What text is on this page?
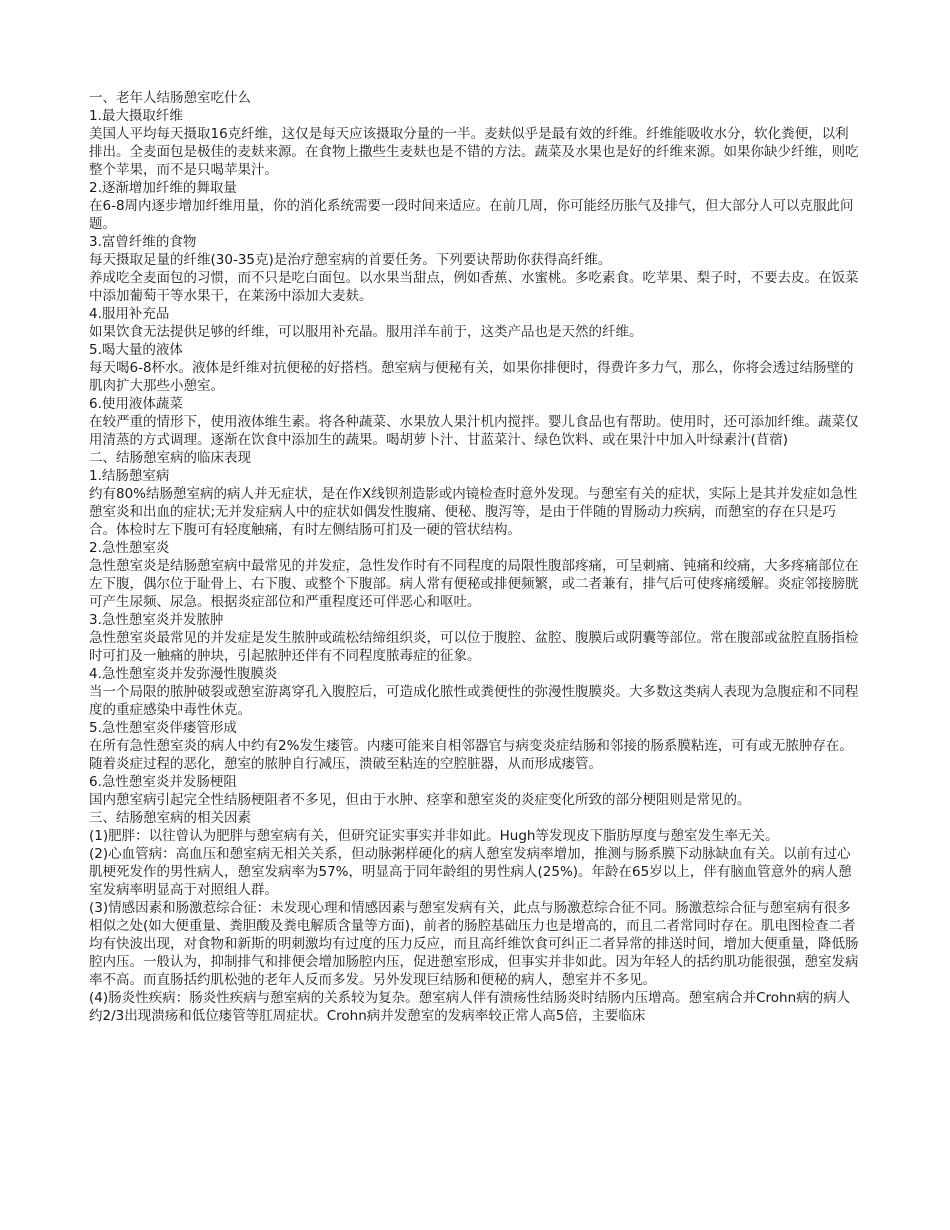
一、老年人结肠憩室吃什么

1.最大摄取纤维

美国人平均每天摄取16克纤维，这仅是每天应该摄取分量的一半。麦麸似乎是最有效的纤维。纤维能吸收水分，软化粪便，以利排出。全麦面包是极佳的麦麸来源。在食物上撒些生麦麸也是不错的方法。蔬菜及水果也是好的纤维来源。如果你缺少纤维，则吃整个苹果，而不是只喝苹果汁。

2.逐渐增加纤维的舞取量

在6-8周内逐步增加纤维用量，你的消化系统需要一段时间来适应。在前几周，你可能经历胀气及排气，但大部分人可以克服此问题。

3.富曾纤维的食物

每天摄取足量的纤维(30-35克)是治疗憩室病的首要任务。下列要诀帮助你获得高纤维。

养成吃全麦面包的习惯，而不只是吃白面包。以水果当甜点，例如香蕉、水蜜桃。多吃素食。吃苹果、梨子时，不要去皮。在饭菜中添加葡萄干等水果干，在莱汤中添加大麦麸。

4.服用补充品

如果饮食无法提供足够的纤维，可以服用补充晶。服用洋车前于，这类产品也是天然的纤维。

5.喝大量的液体

每天喝6-8杯水。液体是纤维对抗便秘的好搭档。憩室病与便秘有关，如果你排便时，得费许多力气，那么，你将会透过结肠壁的肌肉扩大那些小憩室。

6.使用液体蔬菜

在较严重的情形下，使用液体维生素。将各种蔬菜、水果放人果汁机内搅拌。婴儿食品也有帮助。使用时，还可添加纤维。蔬菜仅用清蒸的方式调理。逐渐在饮食中添加生的蔬果。喝胡萝卜汁、甘蓝菜汁、绿色饮料、或在果汁中加入叶绿素汁(苜蓿)

二、结肠憩室病的临床表现

1.结肠憩室病

约有80%结肠憩室病的病人并无症状，是在作X线钡剂造影或内镜检查时意外发现。与憩室有关的症状，实际上是其并发症如急性憩室炎和出血的症状;无并发症病人中的症状如偶发性腹痛、便秘、腹泻等，是由于伴随的胃肠动力疾病，而憩室的存在只是巧合。体检时左下腹可有轻度触痛，有时左侧结肠可扪及一硬的管状结构。

2.急性憩室炎

急性憩室炎是结肠憩室病中最常见的并发症，急性发作时有不同程度的局限性腹部疼痛，可呈刺痛、钝痛和绞痛，大多疼痛部位在左下腹，偶尔位于耻骨上、右下腹、或整个下腹部。病人常有便秘或排便频繁，或二者兼有，排气后可使疼痛缓解。炎症邻接膀胱可产生尿频、尿急。根据炎症部位和严重程度还可伴恶心和呕吐。

3.急性憩室炎并发脓肿

急性憩室炎最常见的并发症是发生脓肿或疏松结缔组织炎，可以位于腹腔、盆腔、腹膜后或阴囊等部位。常在腹部或盆腔直肠指检时可扪及一触痛的肿块，引起脓肿还伴有不同程度脓毒症的征象。

4.急性憩室炎并发弥漫性腹膜炎

当一个局限的脓肿破裂或憩室游离穿孔入腹腔后，可造成化脓性或粪便性的弥漫性腹膜炎。大多数这类病人表现为急腹症和不同程度的重症感染中毒性休克。

5.急性憩室炎伴瘘管形成

在所有急性憩室炎的病人中约有2%发生瘘管。内瘘可能来自相邻器官与病变炎症结肠和邻接的肠系膜粘连，可有或无脓肿存在。随着炎症过程的恶化，憩室的脓肿自行减压，溃破至粘连的空腔脏器，从而形成瘘管。

6.急性憩室炎并发肠梗阻

国内憩室病引起完全性结肠梗阻者不多见，但由于水肿、痉挛和憩室炎的炎症变化所致的部分梗阻则是常见的。

三、结肠憩室病的相关因素

(1)肥胖：以往曾认为肥胖与憩室病有关，但研究证实事实并非如此。Hugh等发现皮下脂肪厚度与憩室发生率无关。

(2)心血管病：高血压和憩室病无相关关系，但动脉粥样硬化的病人憩室发病率增加，推测与肠系膜下动脉缺血有关。以前有过心肌梗死发作的男性病人，憩室发病率为57%，明显高于同年龄组的男性病人(25%)。年龄在65岁以上，伴有脑血管意外的病人憩室发病率明显高于对照组人群。

(3)情感因素和肠激惹综合征：未发现心理和情感因素与憩室发病有关，此点与肠激惹综合征不同。肠激惹综合征与憩室病有很多相似之处(如大便重量、粪胆酸及粪电解质含量等方面)，前者的肠腔基础压力也是增高的，而且二者常同时存在。肌电图检查二者均有快波出现，对食物和新斯的明刺激均有过度的压力反应，而且高纤维饮食可纠正二者异常的排送时间，增加大便重量，降低肠腔内压。一般认为，抑制排气和排便会增加肠腔内压，促进憩室形成，但事实并非如此。因为年轻人的括约肌功能很强，憩室发病率不高。而直肠括约肌松弛的老年人反而多发。另外发现巨结肠和便秘的病人，憩室并不多见。

(4)肠炎性疾病：肠炎性疾病与憩室病的关系较为复杂。憩室病人伴有溃疡性结肠炎时结肠内压增高。憩室病合并Crohn病的病人约2/3出现溃疡和低位瘘管等肛周症状。Crohn病并发憩室的发病率较正常人高5倍，主要临床
